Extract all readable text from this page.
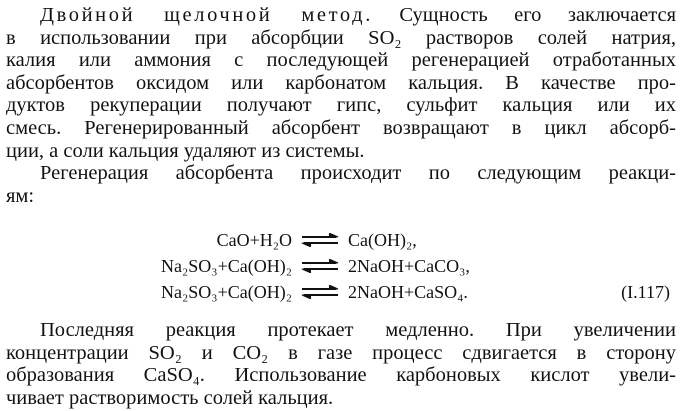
Двойной щелочной метод. Сущность его заключается
в использовании при абсорбции SO₂ растворов солей натрия,
калия или аммония с последующей регенерацией отработанных
абсорбентов оксидом или карбонатом кальция. В качестве про-
дуктов рекуперации получают гипс, сульфит кальция или их
смесь. Регенерированный абсорбент возвращают в цикл абсорб-
ции, а соли кальция удаляют из системы.
Регенерация абсорбента происходит по следующим реакци-
ям:
CaO+H₂O ⇌ Ca(OH)₂,
Na₂SO₃+Ca(OH)₂ ⇌ 2NaOH+CaCO₃,
Na₂SO₃+Ca(OH)₂ ⇌ 2NaOH+CaSO₄.	(I.117)
Последняя реакция протекает медленно. При увеличении
концентрации SO₂ и CO₂ в газе процесс сдвигается в сторону
образования CaSO₄. Использование карбоновых кислот увели-
чивает растворимость солей кальция.
